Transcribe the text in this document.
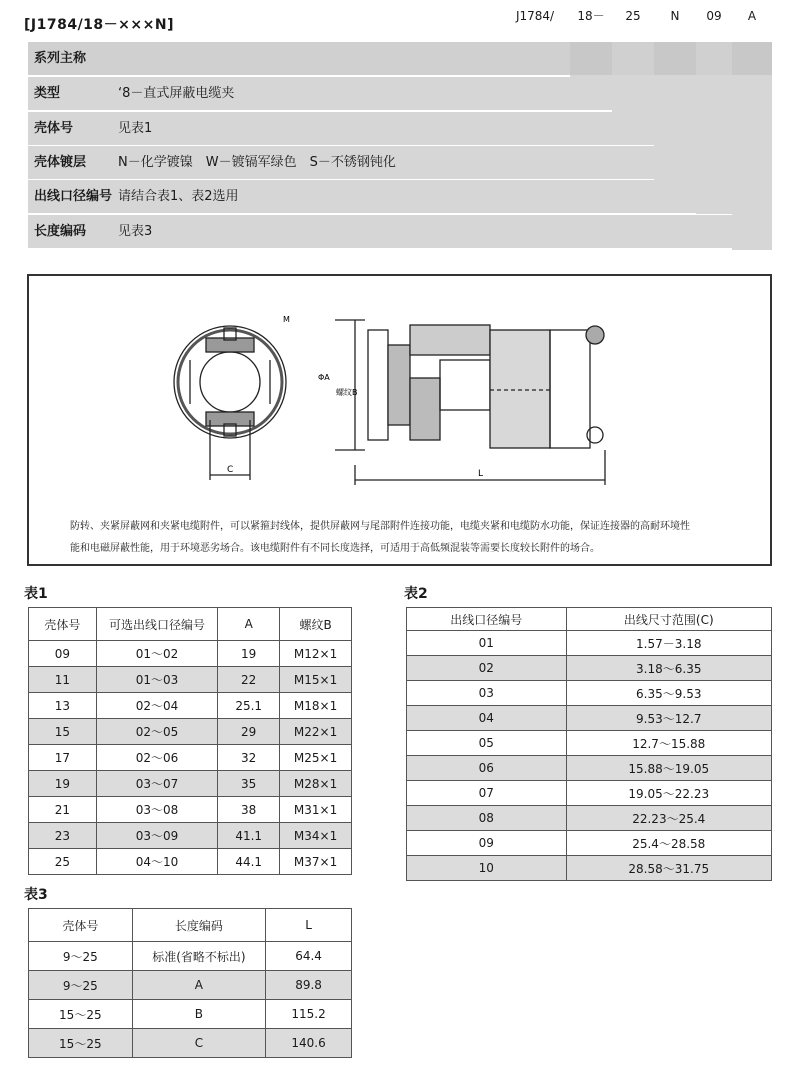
[J1784/18－×××N]
系列主称
J1784/	18－	25	N	09	A
类型	‘8－直式屏蔽电缆夹
壳体号	见表1
壳体镀层 N－化学镀镍　W－镀镉军绿色　S－不锈钢钝化
出线口径编号 请结合表1、表2选用
长度编码 见表3
M
ΦA
螺纹B
C	L
防转、夹紧屏蔽网和夹紧电缆附件，可以紧箍封线体，提供屏蔽网与尾部附件连接功能，电缆夹紧和电缆防水功能，保证连接器的高耐环境性
能和电磁屏蔽性能，用于环境恶劣场合。该电缆附件有不同长度选择，可适用于高低频混装等需要长度较长附件的场合。
表1
壳体号	可选出线口径编号	A	螺纹B
09	01～02	19	M12×1
11	01～03	22	M15×1
13	02～04	25.1	M18×1
15	02～05	29	M22×1
17	02～06	32	M25×1
19	03～07	35	M28×1
21	03～08	38	M31×1
23	03～09	41.1	M34×1
25	04～10	44.1	M37×1
表2
出线口径编号	出线尺寸范围(C)
01	1.57－3.18
02	3.18～6.35
03	6.35～9.53
04	9.53～12.7
05	12.7～15.88
06	15.88～19.05
07	19.05～22.23
08	22.23～25.4
09	25.4～28.58
10	28.58～31.75
表3
壳体号	长度编码	L
9～25	标准(省略不标出)	64.4
9～25	A	89.8
15～25	B	115.2
15～25	C	140.6
